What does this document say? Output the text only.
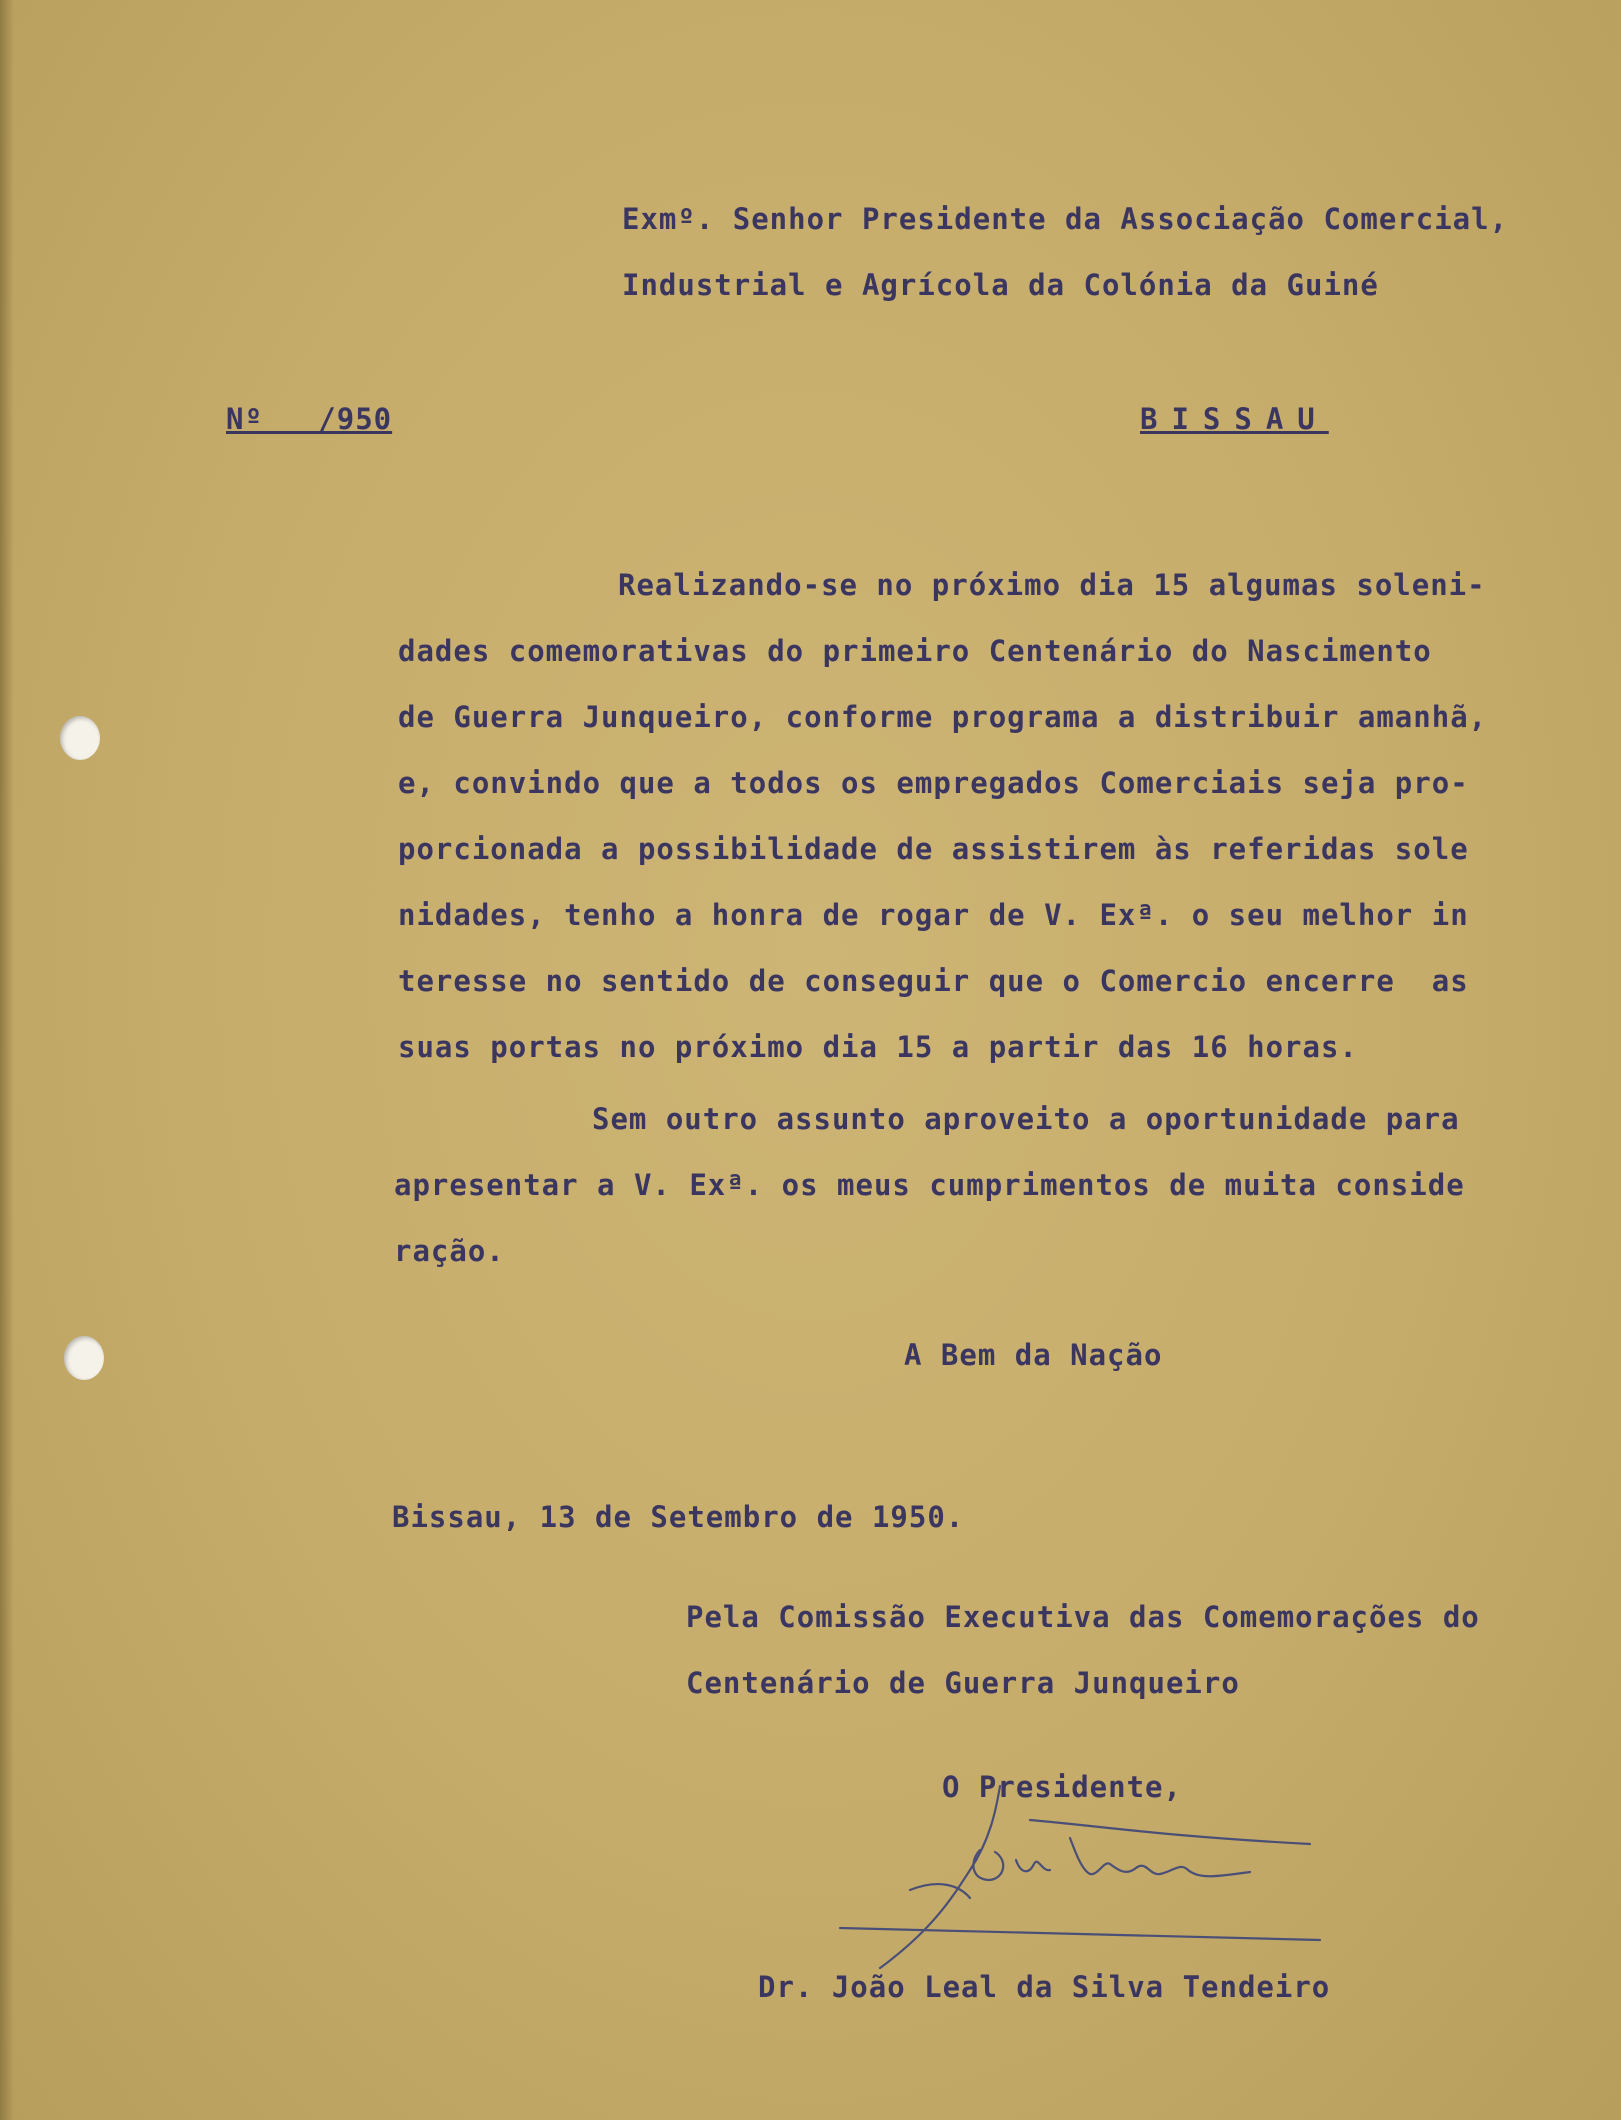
Exmº. Senhor Presidente da Associação Comercial,
Industrial e Agrícola da Colónia da Guiné
Nº   /950	BISSAU
Realizando-se no próximo dia 15 algumas soleni-
dades comemorativas do primeiro Centenário do Nascimento
de Guerra Junqueiro, conforme programa a distribuir amanhã,
e, convindo que a todos os empregados Comerciais seja pro-
porcionada a possibilidade de assistirem às referidas sole
nidades, tenho a honra de rogar de V. Exª. o seu melhor in
teresse no sentido de conseguir que o Comercio encerre  as
suas portas no próximo dia 15 a partir das 16 horas.
Sem outro assunto aproveito a oportunidade para
apresentar a V. Exª. os meus cumprimentos de muita conside
ração.
A Bem da Nação
Bissau, 13 de Setembro de 1950.
Pela Comissão Executiva das Comemorações do
Centenário de Guerra Junqueiro
O Presidente,
Dr. João Leal da Silva Tendeiro
